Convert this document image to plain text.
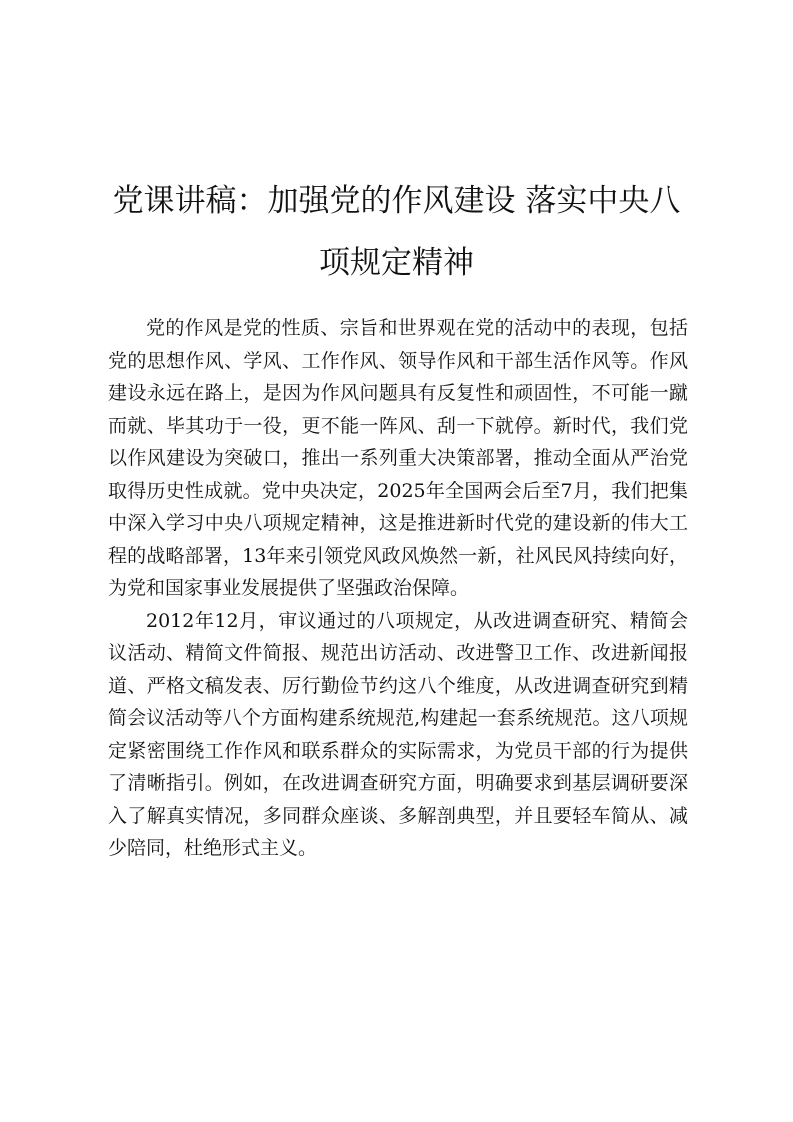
党课讲稿：加强党的作风建设 落实中央八项规定精神

党的作风是党的性质、宗旨和世界观在党的活动中的表现，包括党的思想作风、学风、工作作风、领导作风和干部生活作风等。作风建设永远在路上，是因为作风问题具有反复性和顽固性，不可能一蹴而就、毕其功于一役，更不能一阵风、刮一下就停。新时代，我们党以作风建设为突破口，推出一系列重大决策部署，推动全面从严治党取得历史性成就。党中央决定，2025年全国两会后至7月，我们把集中深入学习中央八项规定精神，这是推进新时代党的建设新的伟大工程的战略部署，13年来引领党风政风焕然一新，社风民风持续向好，为党和国家事业发展提供了坚强政治保障。

2012年12月，审议通过的八项规定，从改进调查研究、精简会议活动、精简文件简报、规范出访活动、改进警卫工作、改进新闻报道、严格文稿发表、厉行勤俭节约这八个维度，从改进调查研究到精简会议活动等八个方面构建系统规范,构建起一套系统规范。这八项规定紧密围绕工作作风和联系群众的实际需求，为党员干部的行为提供了清晰指引。例如，在改进调查研究方面，明确要求到基层调研要深入了解真实情况，多同群众座谈、多解剖典型，并且要轻车简从、减少陪同，杜绝形式主义。
